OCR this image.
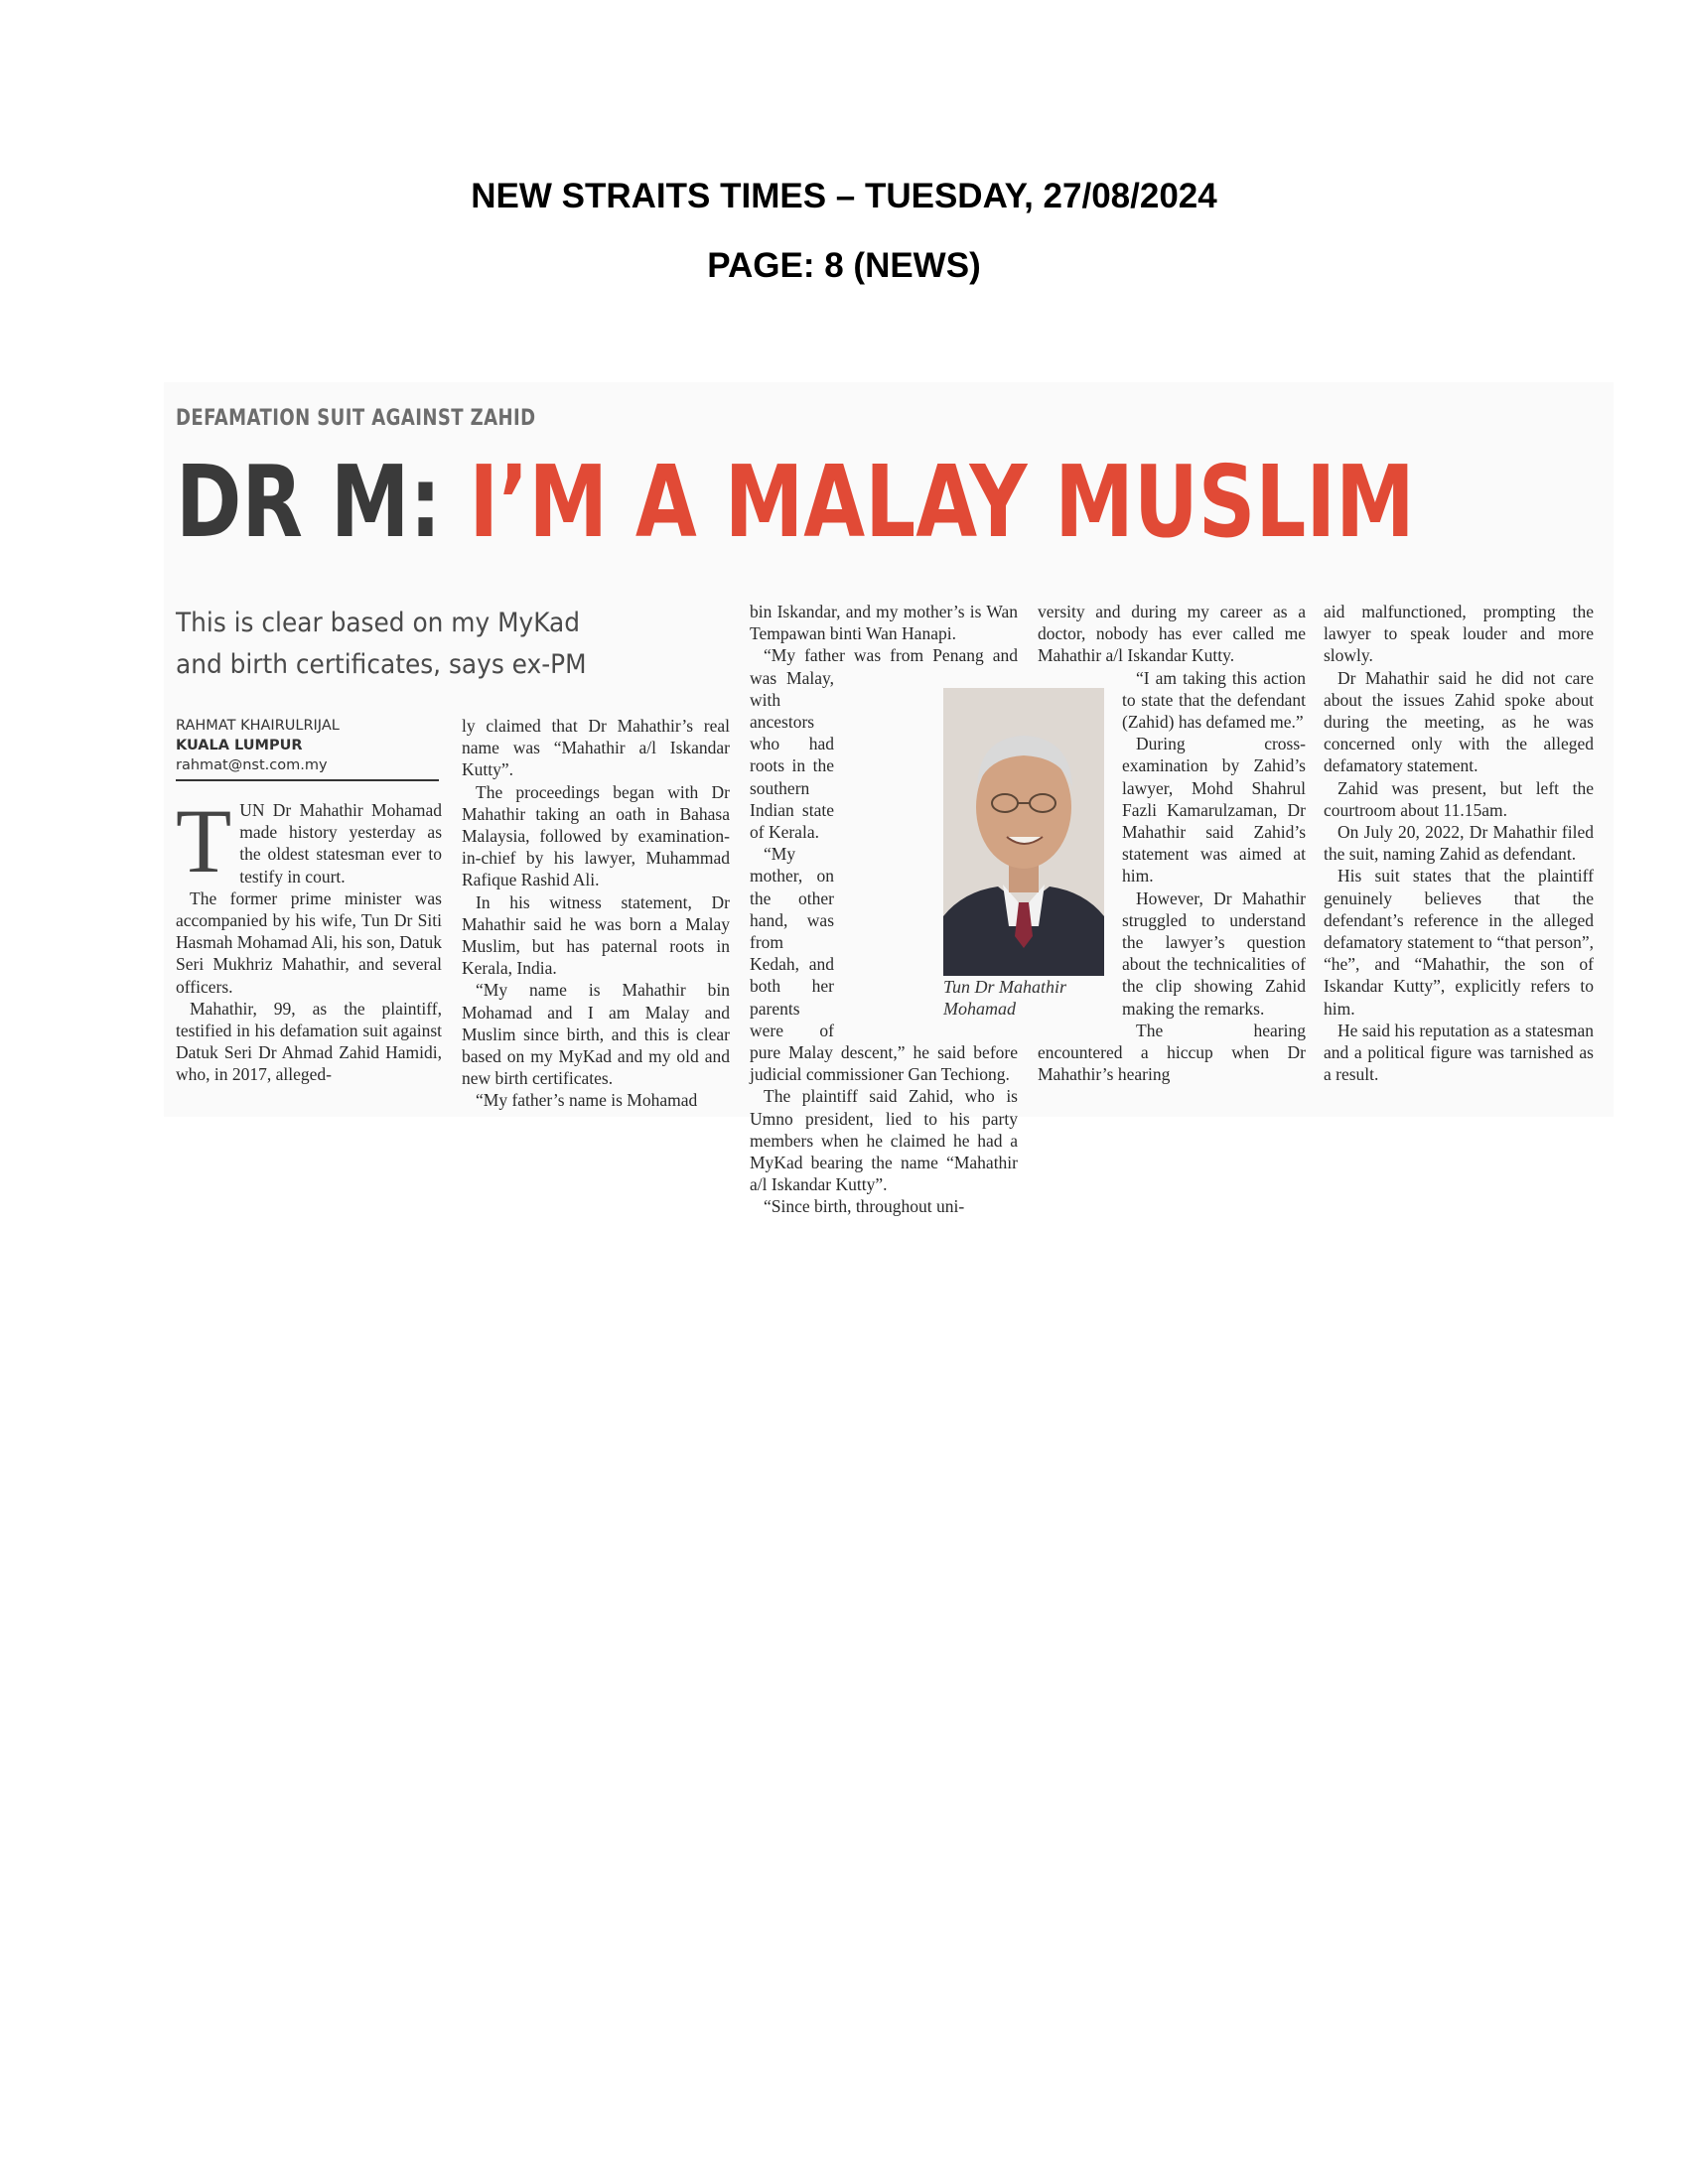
NEW STRAITS TIMES – TUESDAY, 27/08/2024
PAGE: 8 (NEWS)
DEFAMATION SUIT AGAINST ZAHID
DR M: I’M A MALAY MUSLIM
This is clear based on my MyKad
and birth certificates, says ex-PM
RAHMAT KHAIRULRIJAL
KUALA LUMPUR
rahmat@nst.com.my

TUN Dr Mahathir Mohamad made history yesterday as the oldest statesman ever to testify in court.

The former prime minister was accompanied by his wife, Tun Dr Siti Hasmah Mohamad Ali, his son, Datuk Seri Mukhriz Mahathir, and several officers.

Mahathir, 99, as the plaintiff, testified in his defamation suit against Datuk Seri Dr Ahmad Zahid Hamidi, who, in 2017, alleged-

ly claimed that Dr Mahathir’s real name was “Mahathir a/l Iskandar Kutty”.

The proceedings began with Dr Mahathir taking an oath in Bahasa Malaysia, followed by examination-in-chief by his lawyer, Muhammad Rafique Rashid Ali.

In his witness statement, Dr Mahathir said he was born a Malay Muslim, but has paternal roots in Kerala, India.

“My name is Mahathir bin Mohamad and I am Malay and Muslim since birth, and this is clear based on my MyKad and my old and new birth certificates.

“My father’s name is Mohamad

bin Iskandar, and my mother’s is Wan Tempawan binti Wan Hanapi.

“My father was from Penang and was Malay, with ancestors who had roots in the southern Indian state of Kerala.

“My mother, on the other hand, was from Kedah, and both her parents were of pure Malay descent,” he said before judicial commissioner Gan Techiong.

The plaintiff said Zahid, who is Umno president, lied to his party members when he claimed he had a MyKad bearing the name “Mahathir a/l Iskandar Kutty”.

“Since birth, throughout uni-

versity and during my career as a doctor, nobody has ever called me Mahathir a/l Iskandar Kutty.

“I am taking this action to state that the defendant (Zahid) has defamed me.”

During cross-examination by Zahid’s lawyer, Mohd Shahrul Fazli Kamarulzaman, Dr Mahathir said Zahid’s statement was aimed at him.

However, Dr Mahathir struggled to understand the lawyer’s question about the technicalities of the clip showing Zahid making the remarks.

The hearing encountered a hiccup when Dr Mahathir’s hearing

aid malfunctioned, prompting the lawyer to speak louder and more slowly.

Dr Mahathir said he did not care about the issues Zahid spoke about during the meeting, as he was concerned only with the alleged defamatory statement.

Zahid was present, but left the courtroom about 11.15am.

On July 20, 2022, Dr Mahathir filed the suit, naming Zahid as defendant.

His suit states that the plaintiff genuinely believes that the defendant’s reference in the alleged defamatory statement to “that person”, “he”, and “Mahathir, the son of Iskandar Kutty”, explicitly refers to him.

He said his reputation as a statesman and a political figure was tarnished as a result.

Tun Dr Mahathir
Mohamad
